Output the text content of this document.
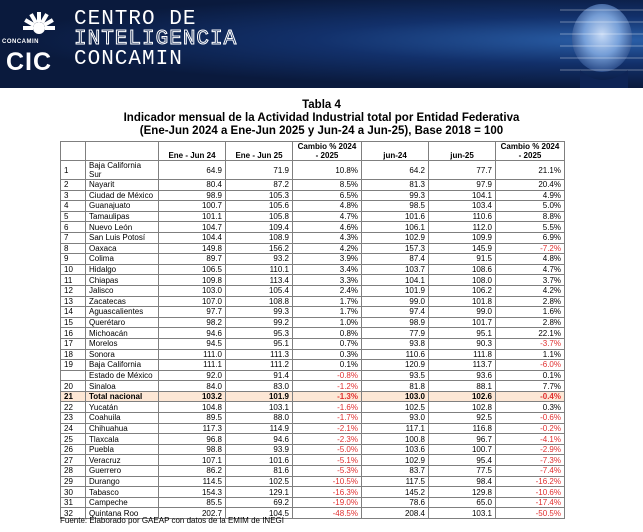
CONCAMIN
CIC
CENTRO DE
INTELIGENCIA
CONCAMIN
Tabla 4
Indicador mensual de la Actividad Industrial total por Entidad Federativa
(Ene-Jun 2024 a Ene-Jun 2025 y Jun-24 a Jun-25), Base 2018 = 100
		Ene - Jun 24	Ene - Jun 25	Cambio % 2024 - 2025	jun-24	jun-25	Cambio % 2024 - 2025
1	Baja California Sur	64.9	71.9	10.8%	64.2	77.7	21.1%
2	Nayarit	80.4	87.2	8.5%	81.3	97.9	20.4%
3	Ciudad de México	98.9	105.3	6.5%	99.3	104.1	4.9%
4	Guanajuato	100.7	105.6	4.8%	98.5	103.4	5.0%
5	Tamaulipas	101.1	105.8	4.7%	101.6	110.6	8.8%
6	Nuevo León	104.7	109.4	4.6%	106.1	112.0	5.5%
7	San Luis Potosí	104.4	108.9	4.3%	102.9	109.9	6.9%
8	Oaxaca	149.8	156.2	4.2%	157.3	145.9	-7.2%
9	Colima	89.7	93.2	3.9%	87.4	91.5	4.8%
10	Hidalgo	106.5	110.1	3.4%	103.7	108.6	4.7%
11	Chiapas	109.8	113.4	3.3%	104.1	108.0	3.7%
12	Jalisco	103.0	105.4	2.4%	101.9	106.2	4.2%
13	Zacatecas	107.0	108.8	1.7%	99.0	101.8	2.8%
14	Aguascalientes	97.7	99.3	1.7%	97.4	99.0	1.6%
15	Querétaro	98.2	99.2	1.0%	98.9	101.7	2.8%
16	Michoacán	94.6	95.3	0.8%	77.9	95.1	22.1%
17	Morelos	94.5	95.1	0.7%	93.8	90.3	-3.7%
18	Sonora	111.0	111.3	0.3%	110.6	111.8	1.1%
19	Baja California	111.1	111.2	0.1%	120.9	113.7	-6.0%
	Estado de México	92.0	91.4	-0.8%	93.5	93.6	0.1%
20	Sinaloa	84.0	83.0	-1.2%	81.8	88.1	7.7%
21	Total nacional	103.2	101.9	-1.3%	103.0	102.6	-0.4%
22	Yucatán	104.8	103.1	-1.6%	102.5	102.8	0.3%
23	Coahuila	89.5	88.0	-1.7%	93.0	92.5	-0.6%
24	Chihuahua	117.3	114.9	-2.1%	117.1	116.8	-0.2%
25	Tlaxcala	96.8	94.6	-2.3%	100.8	96.7	-4.1%
26	Puebla	98.8	93.9	-5.0%	103.6	100.7	-2.9%
27	Veracruz	107.1	101.6	-5.1%	102.9	95.4	-7.3%
28	Guerrero	86.2	81.6	-5.3%	83.7	77.5	-7.4%
29	Durango	114.5	102.5	-10.5%	117.5	98.4	-16.2%
30	Tabasco	154.3	129.1	-16.3%	145.2	129.8	-10.6%
31	Campeche	85.5	69.2	-19.0%	78.6	65.0	-17.4%
32	Quintana Roo	202.7	104.5	-48.5%	208.4	103.1	-50.5%
Fuente: Elaborado por GAEAP con datos de la EMIM de INEGI
